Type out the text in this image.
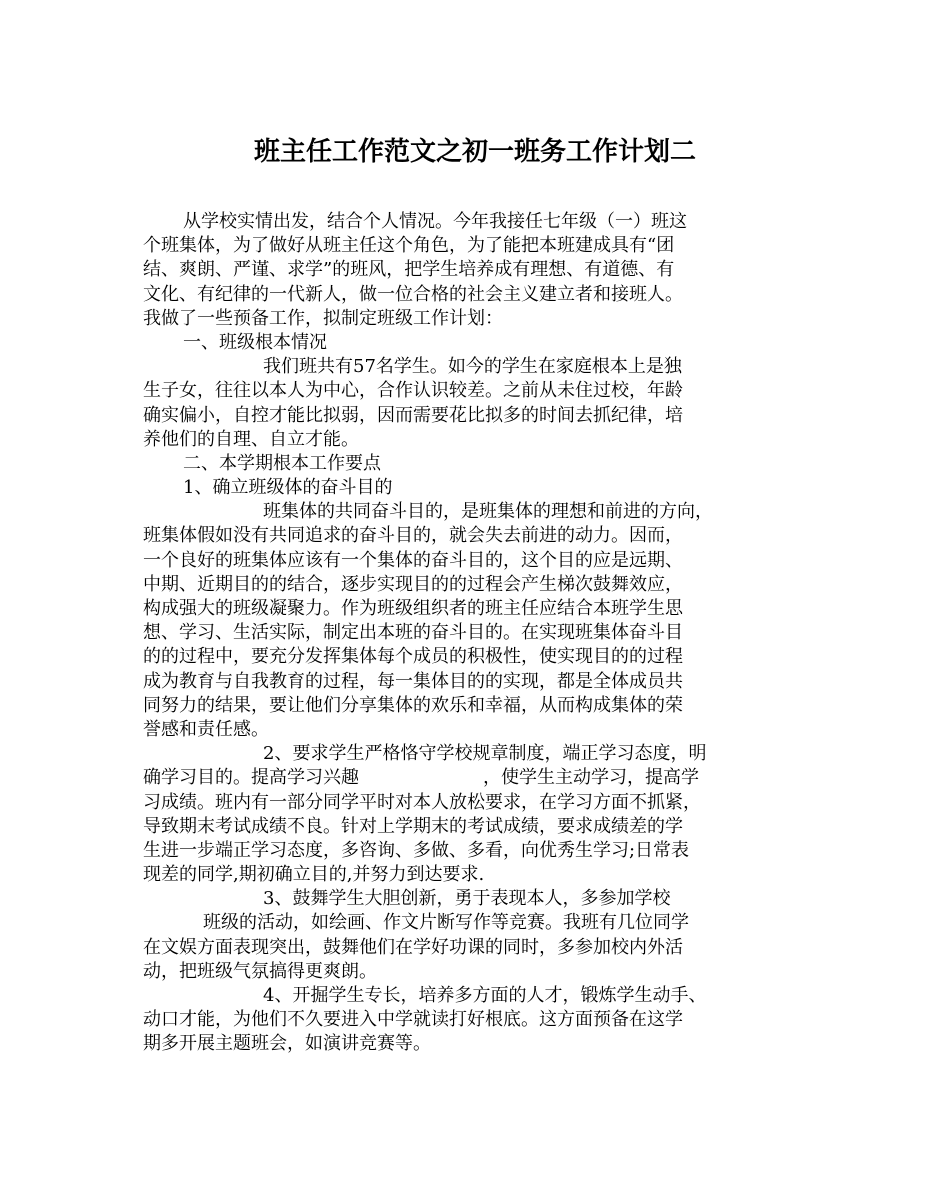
班主任工作范文之初一班务工作计划二
从学校实情出发，结合个人情况。今年我接任七年级（一）班这
个班集体，为了做好从班主任这个角色，为了能把本班建成具有“团
结、爽朗、严谨、求学”的班风，把学生培养成有理想、有道德、有
文化、有纪律的一代新人，做一位合格的社会主义建立者和接班人。
我做了一些预备工作，拟制定班级工作计划：
一、班级根本情况
我们班共有57名学生。如今的学生在家庭根本上是独
生子女，往往以本人为中心，合作认识较差。之前从未住过校，年龄
确实偏小，自控才能比拟弱，因而需要花比拟多的时间去抓纪律，培
养他们的自理、自立才能。
二、本学期根本工作要点
1、确立班级体的奋斗目的
班集体的共同奋斗目的，是班集体的理想和前进的方向，
班集体假如没有共同追求的奋斗目的，就会失去前进的动力。因而，
一个良好的班集体应该有一个集体的奋斗目的，这个目的应是远期、
中期、近期目的的结合，逐步实现目的的过程会产生梯次鼓舞效应，
构成强大的班级凝聚力。作为班级组织者的班主任应结合本班学生思
想、学习、生活实际，制定出本班的奋斗目的。在实现班集体奋斗目
的的过程中，要充分发挥集体每个成员的积极性，使实现目的的过程
成为教育与自我教育的过程，每一集体目的的实现，都是全体成员共
同努力的结果，要让他们分享集体的欢乐和幸福，从而构成集体的荣
誉感和责任感。
2、要求学生严格恪守学校规章制度，端正学习态度，明
确学习目的。提高学习兴趣	，使学生主动学习，提高学
习成绩。班内有一部分同学平时对本人放松要求，在学习方面不抓紧，
导致期末考试成绩不良。针对上学期末的考试成绩，要求成绩差的学
生进一步端正学习态度，多咨询、多做、多看，向优秀生学习;日常表
现差的同学,期初确立目的,并努力到达要求.
3、鼓舞学生大胆创新，勇于表现本人，多参加学校
班级的活动，如绘画、作文片断写作等竞赛。我班有几位同学
在文娱方面表现突出，鼓舞他们在学好功课的同时，多参加校内外活
动，把班级气氛搞得更爽朗。
4、开掘学生专长，培养多方面的人才，锻炼学生动手、
动口才能，为他们不久要进入中学就读打好根底。这方面预备在这学
期多开展主题班会，如演讲竞赛等。
